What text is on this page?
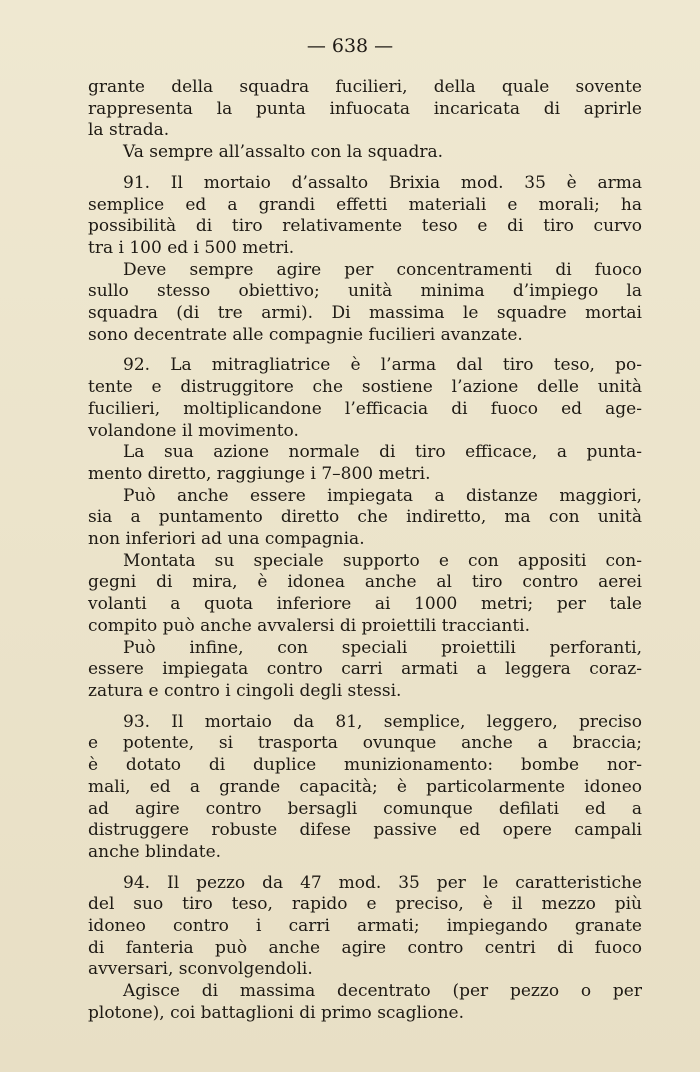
— 638 —

grante della squadra fucilieri, della quale sovente
rappresenta la punta infuocata incaricata di aprirle
la strada.

Va sempre all’assalto con la squadra.

91. Il mortaio d’assalto Brixia mod. 35 è arma
semplice ed a grandi effetti materiali e morali; ha
possibilità di tiro relativamente teso e di tiro curvo
tra i 100 ed i 500 metri.

Deve sempre agire per concentramenti di fuoco
sullo stesso obiettivo; unità minima d’impiego la
squadra (di tre armi). Di massima le squadre mortai
sono decentrate alle compagnie fucilieri avanzate.

92. La mitragliatrice è l’arma dal tiro teso, po-
tente e distruggitore che sostiene l’azione delle unità
fucilieri, moltiplicandone l’efficacia di fuoco ed age-
volandone il movimento.

La sua azione normale di tiro efficace, a punta-
mento diretto, raggiunge i 7–800 metri.

Può anche essere impiegata a distanze maggiori,
sia a puntamento diretto che indiretto, ma con unità
non inferiori ad una compagnia.

Montata su speciale supporto e con appositi con-
gegni di mira, è idonea anche al tiro contro aerei
volanti a quota inferiore ai 1000 metri; per tale
compito può anche avvalersi di proiettili traccianti.

Può infine, con speciali proiettili perforanti,
essere impiegata contro carri armati a leggera coraz-
zatura e contro i cingoli degli stessi.

93. Il mortaio da 81, semplice, leggero, preciso
e potente, si trasporta ovunque anche a braccia;
è dotato di duplice munizionamento: bombe nor-
mali, ed a grande capacità; è particolarmente idoneo
ad agire contro bersagli comunque defilati ed a
distruggere robuste difese passive ed opere campali
anche blindate.

94. Il pezzo da 47 mod. 35 per le caratteristiche
del suo tiro teso, rapido e preciso, è il mezzo più
idoneo contro i carri armati; impiegando granate
di fanteria può anche agire contro centri di fuoco
avversari, sconvolgendoli.

Agisce di massima decentrato (per pezzo o per
plotone), coi battaglioni di primo scaglione.
